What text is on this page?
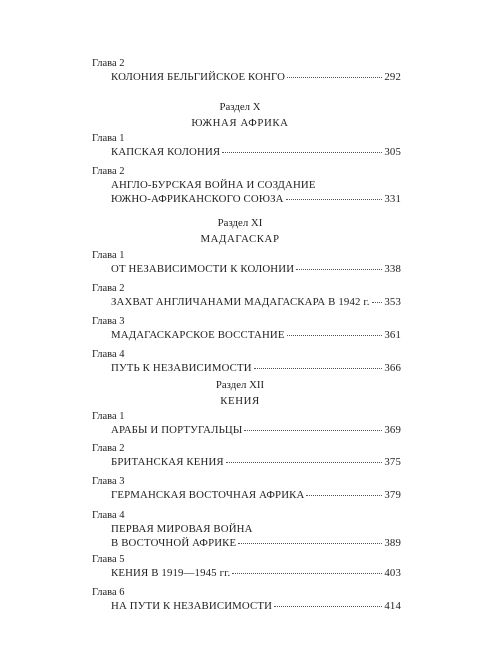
Глава 2
КОЛОНИЯ БЕЛЬГИЙСКОЕ КОНГО	292
Раздел X
ЮЖНАЯ АФРИКА
Глава 1
КАПСКАЯ КОЛОНИЯ	305
Глава 2
АНГЛО-БУРСКАЯ ВОЙНА И СОЗДАНИЕ
ЮЖНО-АФРИКАНСКОГО СОЮЗА	331
Раздел XI
МАДАГАСКАР
Глава 1
ОТ НЕЗАВИСИМОСТИ К КОЛОНИИ	338
Глава 2
ЗАХВАТ АНГЛИЧАНАМИ МАДАГАСКАРА В 1942 г. 353
Глава 3
МАДАГАСКАРСКОЕ ВОССТАНИЕ	361
Глава 4
ПУТЬ К НЕЗАВИСИМОСТИ	366
Раздел XII
КЕНИЯ
Глава 1
АРАБЫ И ПОРТУГАЛЬЦЫ	369
Глава 2
БРИТАНСКАЯ КЕНИЯ	375
Глава 3
ГЕРМАНСКАЯ ВОСТОЧНАЯ АФРИКА	379
Глава 4
ПЕРВАЯ МИРОВАЯ ВОЙНА
В ВОСТОЧНОЙ АФРИКЕ	389
Глава 5
КЕНИЯ В 1919—1945 гг.	403
Глава 6
НА ПУТИ К НЕЗАВИСИМОСТИ	414
